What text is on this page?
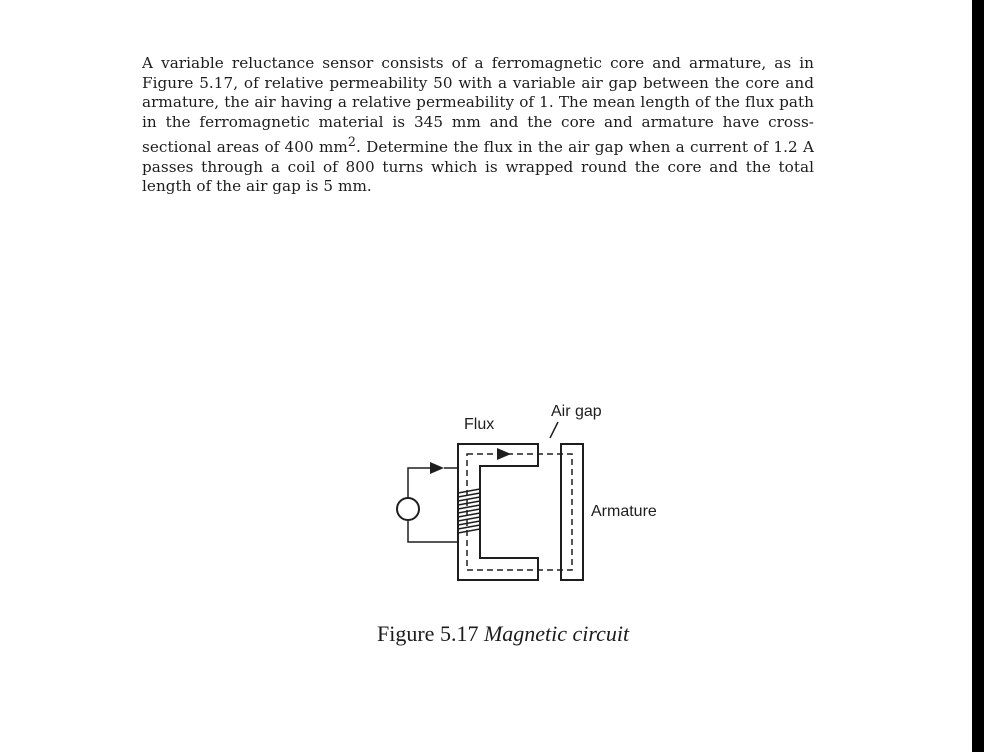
A variable reluctance sensor consists of a ferromagnetic core and armature, as in Figure 5.17, of relative permeability 50 with a variable air gap between the core and armature, the air having a relative permeability of 1. The mean length of the flux path in the ferromagnetic material is 345 mm and the core and armature have cross-sectional areas of 400 $mm^2$. Determine the flux in the air gap when a current of 1.2 A passes through a coil of 800 turns which is wrapped round the core and the total length of the air gap is 5 mm.

Flux
Air gap
Armature

Figure 5.17 Magnetic circuit
